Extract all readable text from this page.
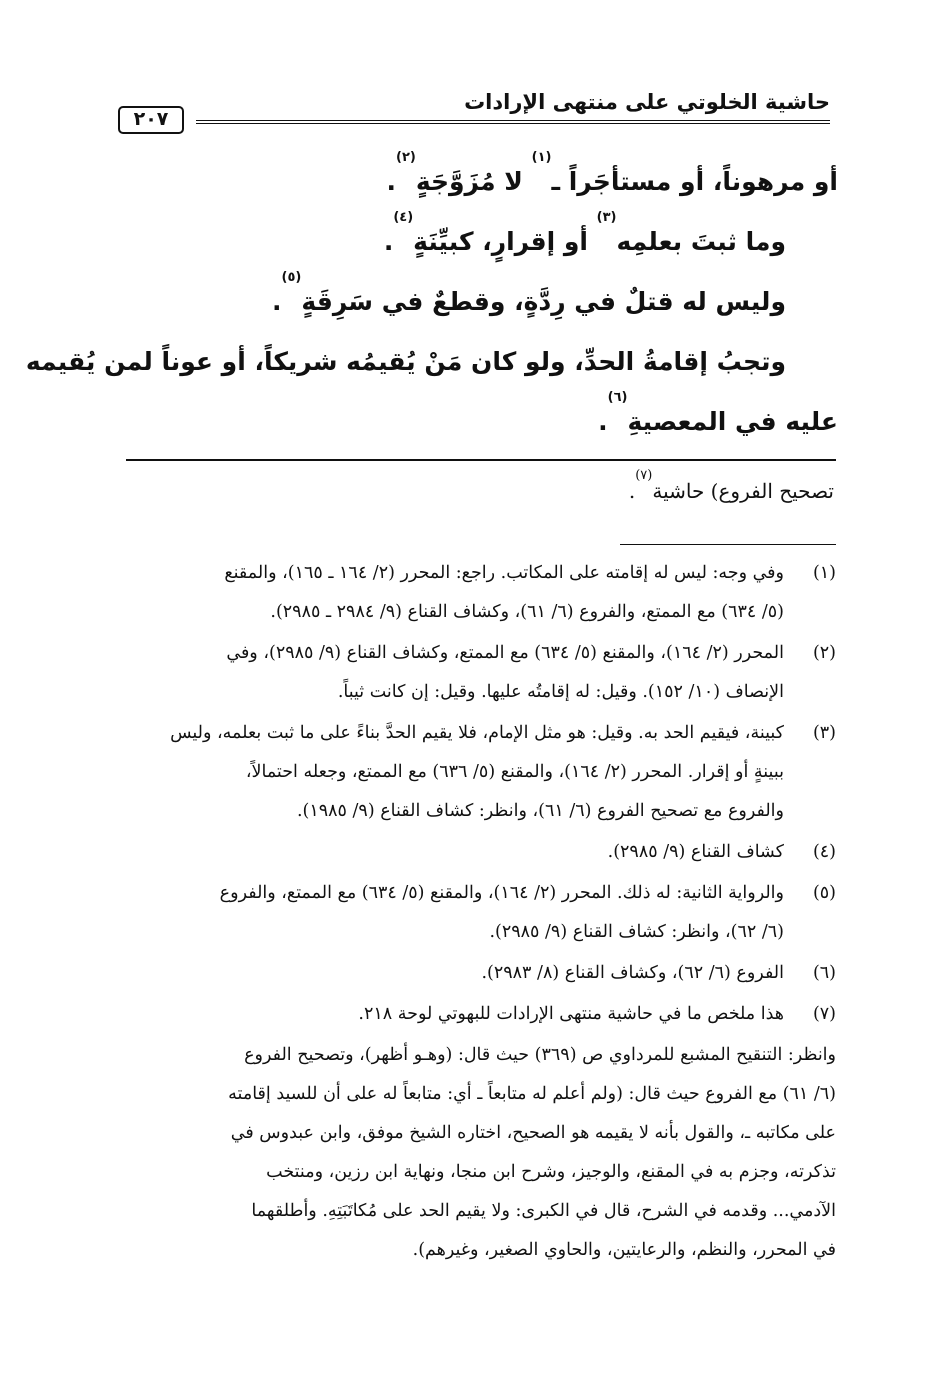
حاشية الخلوتي على منتهى الإرادات
٢٠٧
أو مرهوناً، أو مستأجَراً ـ$^{(١)}$ لا مُزَوَّجَةٍ$^{(٢)}$.
وما ثبتَ بعلمِه$^{(٣)}$ أو إقرارٍ، كبيِّنَةٍ$^{(٤)}$.
وليس له قتلٌ في رِدَّةٍ، وقطعٌ في سَرِقَةٍ$^{(٥)}$.
وتجبُ إقامةُ الحدِّ، ولو كان مَنْ يُقيمُه شريكاً، أو عوناً لمن يُقيمه
عليه في المعصيةِ$^{(٦)}$.
تصحيح الفروع) حاشية$^{(٧)}$.
(١)
وفي وجه: ليس له إقامته على المكاتب. راجع: المحرر (٢/ ١٦٤ ـ ١٦٥)، والمقنع
(٥/ ٦٣٤) مع الممتع، والفروع (٦/ ٦١)، وكشاف القناع (٩/ ٢٩٨٤ ـ ٢٩٨٥).
(٢)
المحرر (٢/ ١٦٤)، والمقنع (٥/ ٦٣٤) مع الممتع، وكشاف القناع (٩/ ٢٩٨٥)، وفي
الإنصاف (١٠/ ١٥٢). وقيل: له إقامتُه عليها. وقيل: إن كانت ثيباً.
(٣)
كبينة، فيقيم الحد به. وقيل: هو مثل الإمام، فلا يقيم الحدَّ بناءً على ما ثبت بعلمه، وليس
ببينةٍ أو إقرار. المحرر (٢/ ١٦٤)، والمقنع (٥/ ٦٣٦) مع الممتع، وجعله احتمالاً،
والفروع مع تصحيح الفروع (٦/ ٦١)، وانظر: كشاف القناع (٩/ ١٩٨٥).
(٤)
كشاف القناع (٩/ ٢٩٨٥).
(٥)
والرواية الثانية: له ذلك. المحرر (٢/ ١٦٤)، والمقنع (٥/ ٦٣٤) مع الممتع، والفروع
(٦/ ٦٢)، وانظر: كشاف القناع (٩/ ٢٩٨٥).
(٦)
الفروع (٦/ ٦٢)، وكشاف القناع (٨/ ٢٩٨٣).
(٧)
هذا ملخص ما في حاشية منتهى الإرادات للبهوتي لوحة ٢١٨.
وانظر: التنقيح المشبع للمرداوي ص (٣٦٩) حيث قال: (وهـو أظهر)، وتصحيح الفروع
(٦/ ٦١) مع الفروع حيث قال: (ولم أعلم له متابعاً ـ أي: متابعاً له على أن للسيد إقامته
على مكاتبه ـ، والقول بأنه لا يقيمه هو الصحيح، اختاره الشيخ موفق، وابن عبدوس في
تذكرته، وجزم به في المقنع، والوجيز، وشرح ابن منجا، ونهاية ابن رزين، ومنتخب
الآدمي... وقدمه في الشرح، قال في الكبرى: ولا يقيم الحد على مُكاتَبَتِهِ. وأطلقهما
في المحرر، والنظم، والرعايتين، والحاوي الصغير، وغيرهم).
